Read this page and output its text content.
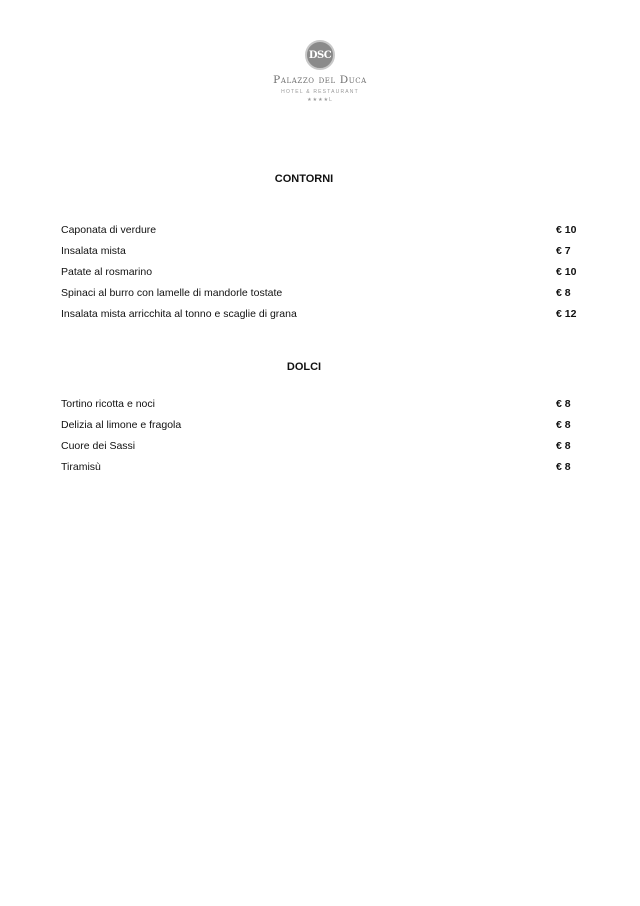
DSC
Palazzo del Duca
HOTEL & RESTAURANT
★★★★L
CONTORNI
Caponata di verdure	€ 10
Insalata mista	€ 7
Patate al rosmarino	€ 10
Spinaci al burro con lamelle di mandorle tostate	€ 8
Insalata mista arricchita al tonno e scaglie di grana	€ 12
DOLCI
Tortino ricotta e noci	€ 8
Delizia al limone e fragola	€ 8
Cuore dei Sassi	€ 8
Tiramisù	€ 8
